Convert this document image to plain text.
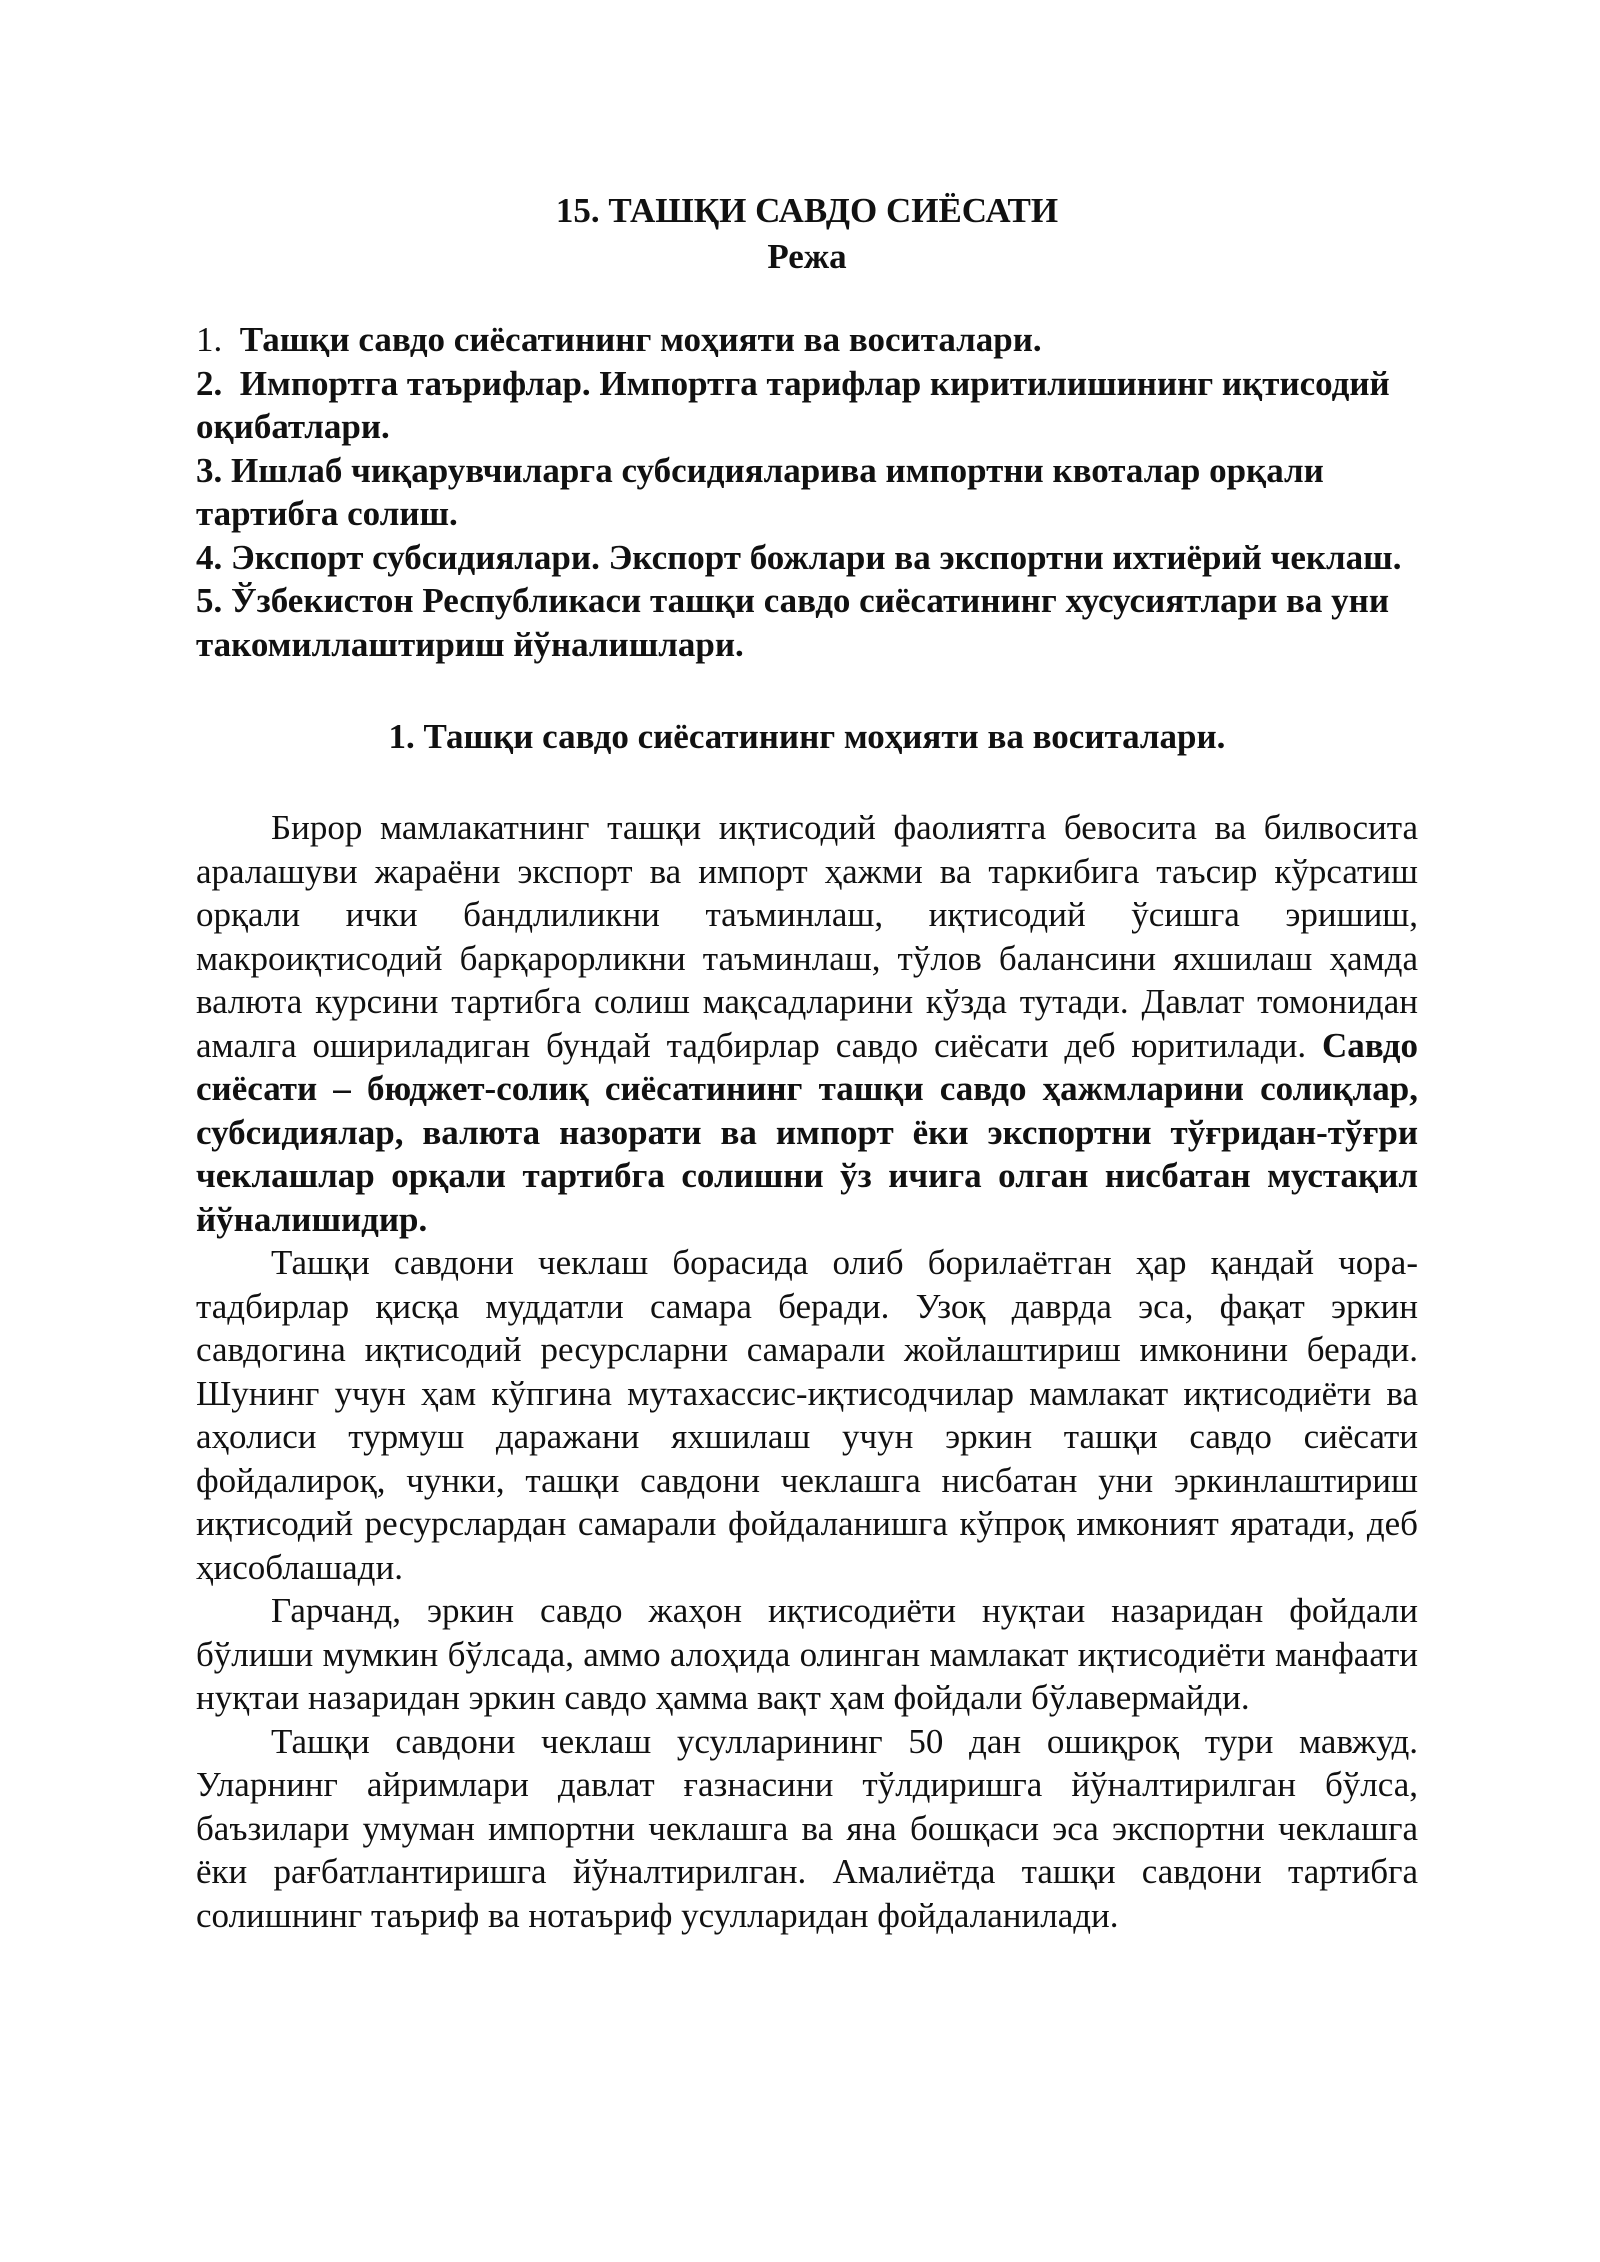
15. ТАШҚИ САВДО СИЁСАТИ
Режа
1. Ташқи савдо сиёсатининг моҳияти ва воситалари.
2. Импортга таърифлар. Импортга тарифлар киритилишининг иқтисодий оқибатлари.
3. Ишлаб чиқарувчиларга субсидияларива импортни квоталар орқали тартибга солиш.
4. Экспорт субсидиялари. Экспорт божлари ва экспортни ихтиёрий чеклаш.
5. Ўзбекистон Республикаси ташқи савдо сиёсатининг хусусиятлари ва уни такомиллаштириш йўналишлари.
1. Ташқи савдо сиёсатининг моҳияти ва воситалари.

Бирор мамлакатнинг ташқи иқтисодий фаолиятга бевосита ва билвосита аралашуви жараёни экспорт ва импорт ҳажми ва таркибига таъсир кўрсатиш орқали ички бандлиликни таъминлаш, иқтисодий ўсишга эришиш, макроиқтисодий барқарорликни таъминлаш, тўлов балансини яхшилаш ҳамда валюта курсини тартибга солиш мақсадларини кўзда тутади. Давлат томонидан амалга ошириладиган бундай тадбирлар савдо сиёсати деб юритилади. Савдо сиёсати – бюджет-солиқ сиёсатининг ташқи савдо ҳажмларини солиқлар, субсидиялар, валюта назорати ва импорт ёки экспортни тўғридан-тўғри чеклашлар орқали тартибга солишни ўз ичига олган нисбатан мустақил йўналишидир.

Ташқи савдони чеклаш борасида олиб борилаётган ҳар қандай чора-тадбирлар қисқа муддатли самара беради. Узоқ даврда эса, фақат эркин савдогина иқтисодий ресурсларни самарали жойлаштириш имконини беради. Шунинг учун ҳам кўпгина мутахассис-иқтисодчилар мамлакат иқтисодиёти ва аҳолиси турмуш даражани яхшилаш учун эркин ташқи савдо сиёсати фойдалироқ, чунки, ташқи савдони чеклашга нисбатан уни эркинлаштириш иқтисодий ресурслардан самарали фойдаланишга кўпроқ имконият яратади, деб ҳисоблашади.

Гарчанд, эркин савдо жаҳон иқтисодиёти нуқтаи назаридан фойдали бўлиши мумкин бўлсада, аммо алоҳида олинган мамлакат иқтисодиёти манфаати нуқтаи назаридан эркин савдо ҳамма вақт ҳам фойдали бўлавермайди.

Ташқи савдони чеклаш усулларининг 50 дан ошиқроқ тури мавжуд. Уларнинг айримлари давлат ғазнасини тўлдиришга йўналтирилган бўлса, баъзилари умуман импортни чеклашга ва яна бошқаси эса экспортни чеклашга ёки рағбатлантиришга йўналтирилган. Амалиётда ташқи савдони тартибга солишнинг таъриф ва нотаъриф усулларидан фойдаланилади.
